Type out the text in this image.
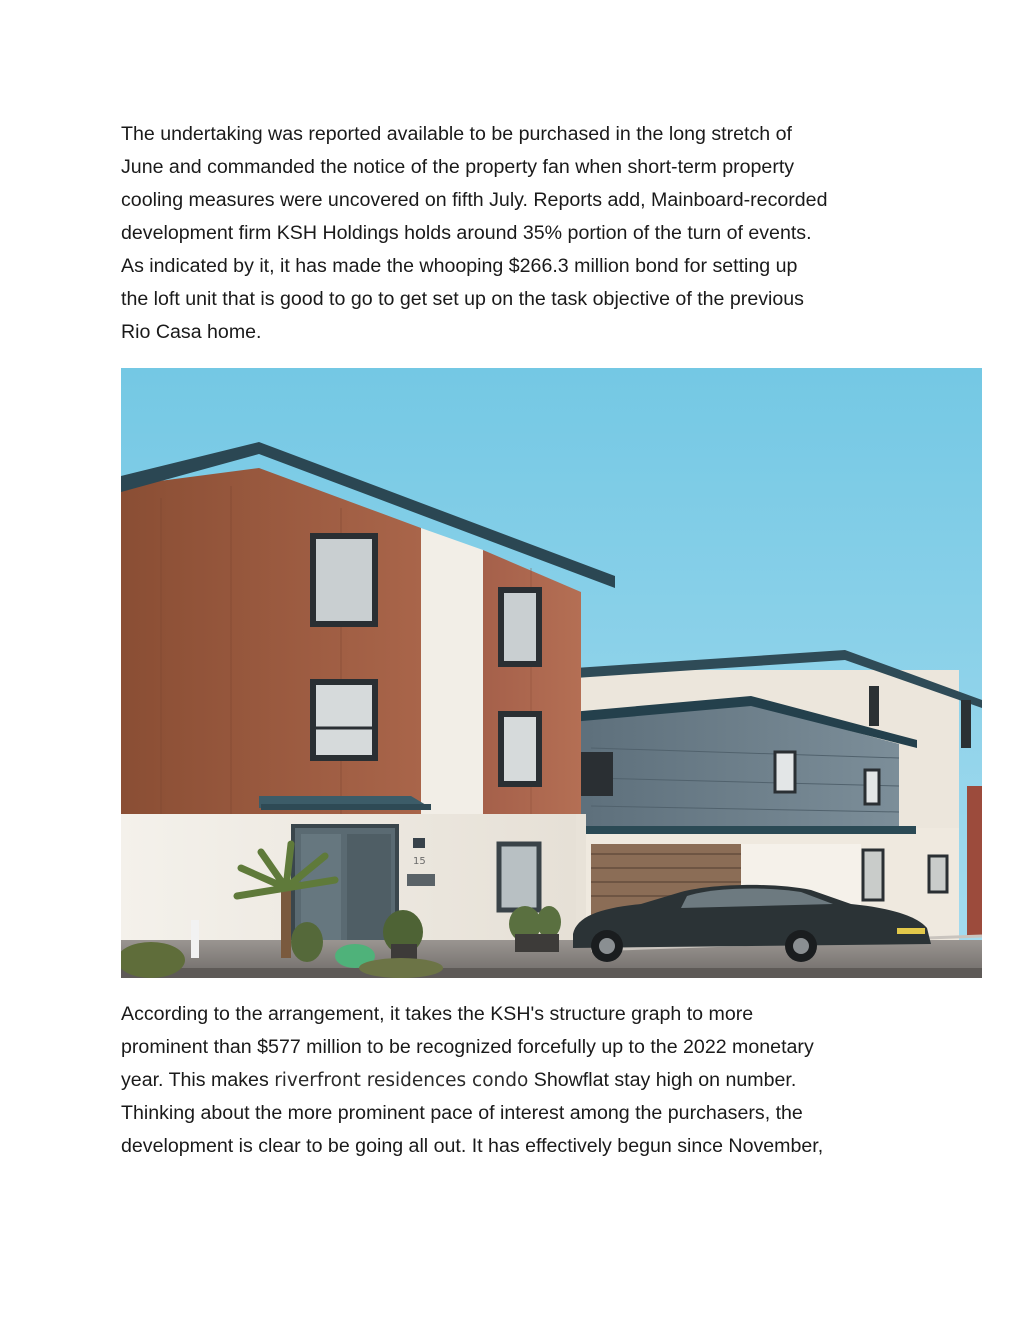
The undertaking was reported available to be purchased in the long stretch of
June and commanded the notice of the property fan when short-term property
cooling measures were uncovered on fifth July. Reports add, Mainboard-recorded
development firm KSH Holdings holds around 35% portion of the turn of events.
As indicated by it, it has made the whooping $266.3 million bond for setting up
the loft unit that is good to go to get set up on the task objective of the previous
Rio Casa home.

15

According to the arrangement, it takes the KSH's structure graph to more
prominent than $577 million to be recognized forcefully up to the 2022 monetary
year. This makes riverfront residences condo Showflat stay high on number.
Thinking about the more prominent pace of interest among the purchasers, the
development is clear to be going all out. It has effectively begun since November,
